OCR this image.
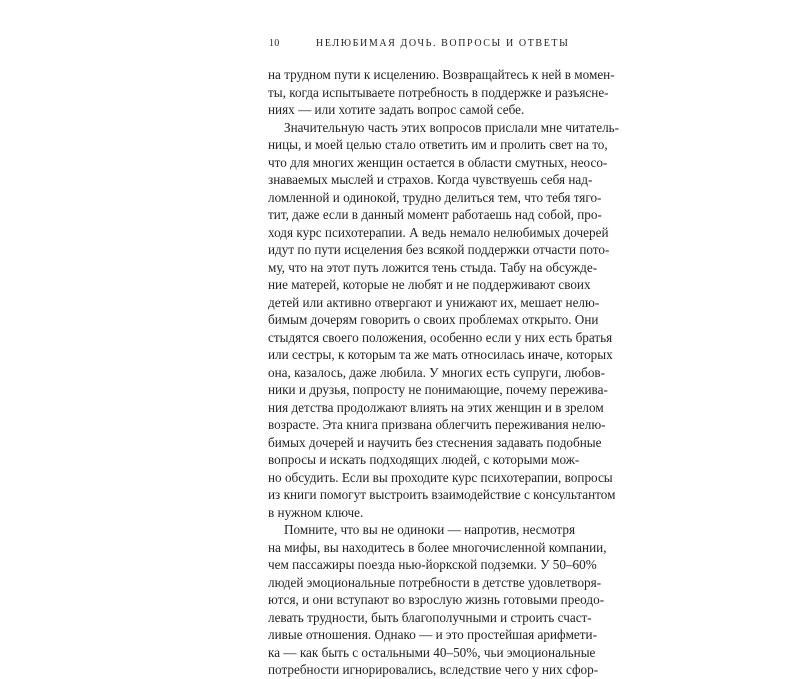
10	НЕЛЮБИМАЯ ДОЧЬ. ВОПРОСЫ И ОТВЕТЫ
на трудном пути к исцелению. Возвращайтесь к ней в момен-
ты, когда испытываете потребность в поддержке и разъясне-
ниях — или хотите задать вопрос самой себе.
Значительную часть этих вопросов прислали мне читатель-
ницы, и моей целью стало ответить им и пролить свет на то,
что для многих женщин остается в области смутных, неосо-
знаваемых мыслей и страхов. Когда чувствуешь себя над-
ломленной и одинокой, трудно делиться тем, что тебя тяго-
тит, даже если в данный момент работаешь над собой, про-
ходя курс психотерапии. А ведь немало нелюбимых дочерей
идут по пути исцеления без всякой поддержки отчасти пото-
му, что на этот путь ложится тень стыда. Табу на обсужде-
ние матерей, которые не любят и не поддерживают своих
детей или активно отвергают и унижают их, мешает нелю-
бимым дочерям говорить о своих проблемах открыто. Они
стыдятся своего положения, особенно если у них есть братья
или сестры, к которым та же мать относилась иначе, которых
она, казалось, даже любила. У многих есть супруги, любов-
ники и друзья, попросту не понимающие, почему пережива-
ния детства продолжают влиять на этих женщин и в зрелом
возрасте. Эта книга призвана облегчить переживания нелю-
бимых дочерей и научить без стеснения задавать подобные
вопросы и искать подходящих людей, с которыми мож-
но обсудить. Если вы проходите курс психотерапии, вопросы
из книги помогут выстроить взаимодействие с консультантом
в нужном ключе.
Помните, что вы не одиноки — напротив, несмотря
на мифы, вы находитесь в более многочисленной компании,
чем пассажиры поезда нью-йоркской подземки. У 50–60%
людей эмоциональные потребности в детстве удовлетворя-
ются, и они вступают во взрослую жизнь готовыми преодо-
левать трудности, быть благополучными и строить счаст-
ливые отношения. Однако — и это простейшая арифмети-
ка — как быть с остальными 40–50%, чьи эмоциональные
потребности игнорировались, вследствие чего у них сфор-
